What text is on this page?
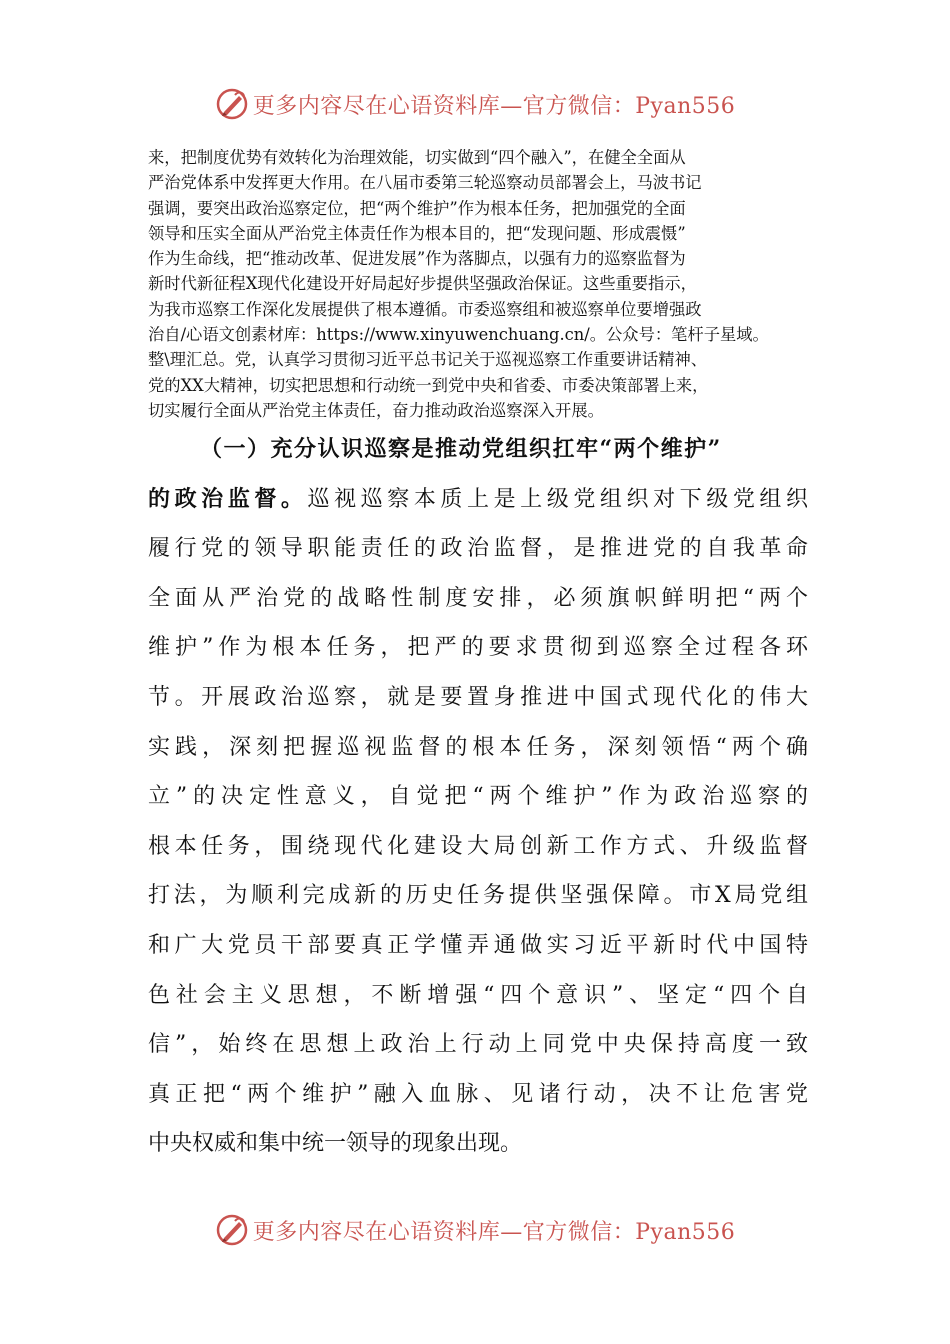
更多内容尽在心语资料库—官方微信：Pyan556
来，把制度优势有效转化为治理效能，切实做到“四个融入”，在健全全面从
严治党体系中发挥更大作用。在八届市委第三轮巡察动员部署会上，马波书记
强调，要突出政治巡察定位，把“两个维护”作为根本任务，把加强党的全面
领导和压实全面从严治党主体责任作为根本目的，把“发现问题、形成震慑”
作为生命线，把“推动改革、促进发展”作为落脚点，以强有力的巡察监督为
新时代新征程X现代化建设开好局起好步提供坚强政治保证。这些重要指示，
为我市巡察工作深化发展提供了根本遵循。市委巡察组和被巡察单位要增强政
治自/心语文创素材库：https://www.xinyuwenchuang.cn/。公众号：笔杆子星域。
整\理汇总。党，认真学习贯彻习近平总书记关于巡视巡察工作重要讲话精神、
党的XX大精神，切实把思想和行动统一到党中央和省委、市委决策部署上来，
切实履行全面从严治党主体责任，奋力推动政治巡察深入开展。
（一）充分认识巡察是推动党组织扛牢“两个维护”
的政治监督。巡视巡察本质上是上级党组织对下级党组织
履行党的领导职能责任的政治监督，是推进党的自我革命
全面从严治党的战略性制度安排，必须旗帜鲜明把“两个
维护”作为根本任务，把严的要求贯彻到巡察全过程各环
节。开展政治巡察，就是要置身推进中国式现代化的伟大
实践，深刻把握巡视监督的根本任务，深刻领悟“两个确
立”的决定性意义，自觉把“两个维护”作为政治巡察的
根本任务，围绕现代化建设大局创新工作方式、升级监督
打法，为顺利完成新的历史任务提供坚强保障。市X局党组
和广大党员干部要真正学懂弄通做实习近平新时代中国特
色社会主义思想，不断增强“四个意识”、坚定“四个自
信”，始终在思想上政治上行动上同党中央保持高度一致
真正把“两个维护”融入血脉、见诸行动，决不让危害党
中央权威和集中统一领导的现象出现。
更多内容尽在心语资料库—官方微信：Pyan556
